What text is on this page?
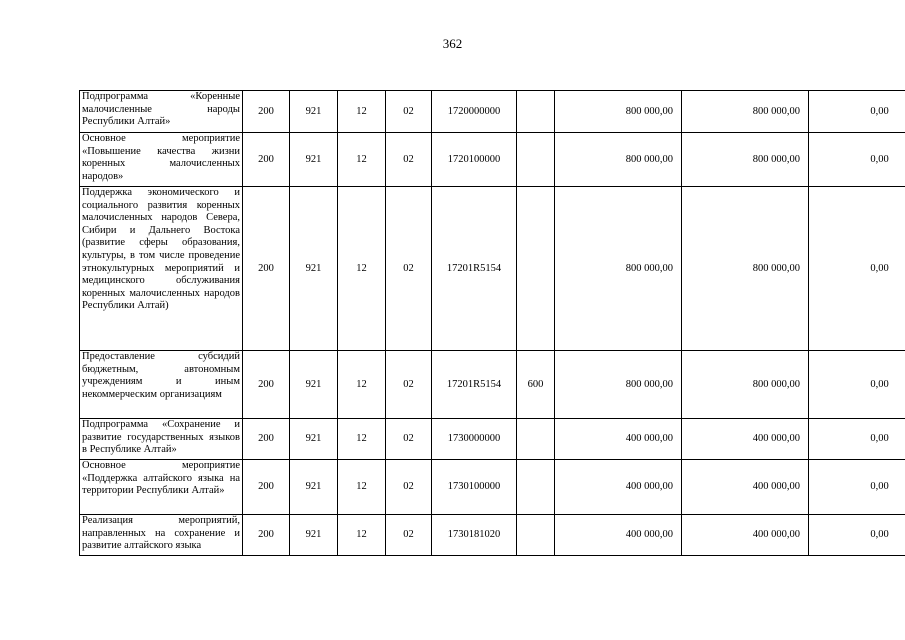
362
Подпрограмма «Коренные малочисленные народы Республики Алтай»	200	921	12	02	1720000000		800 000,00	800 000,00	0,00
Основное мероприятие «Повышение качества жизни коренных малочисленных народов»	200	921	12	02	1720100000		800 000,00	800 000,00	0,00
Поддержка экономического и социального развития коренных малочисленных народов Севера, Сибири и Дальнего Востока (развитие сферы образования, культуры, в том числе проведение этнокультурных мероприятий и медицинского обслуживания коренных малочисленных народов Республики Алтай)	200	921	12	02	17201R5154		800 000,00	800 000,00	0,00
Предоставление субсидий бюджетным, автономным учреждениям и иным некоммерческим организациям	200	921	12	02	17201R5154	600	800 000,00	800 000,00	0,00
Подпрограмма «Сохранение и развитие государственных языков в Республике Алтай»	200	921	12	02	1730000000		400 000,00	400 000,00	0,00
Основное мероприятие «Поддержка алтайского языка на территории Республики Алтай»	200	921	12	02	1730100000		400 000,00	400 000,00	0,00
Реализация мероприятий, направленных на сохранение и развитие алтайского языка	200	921	12	02	1730181020		400 000,00	400 000,00	0,00
